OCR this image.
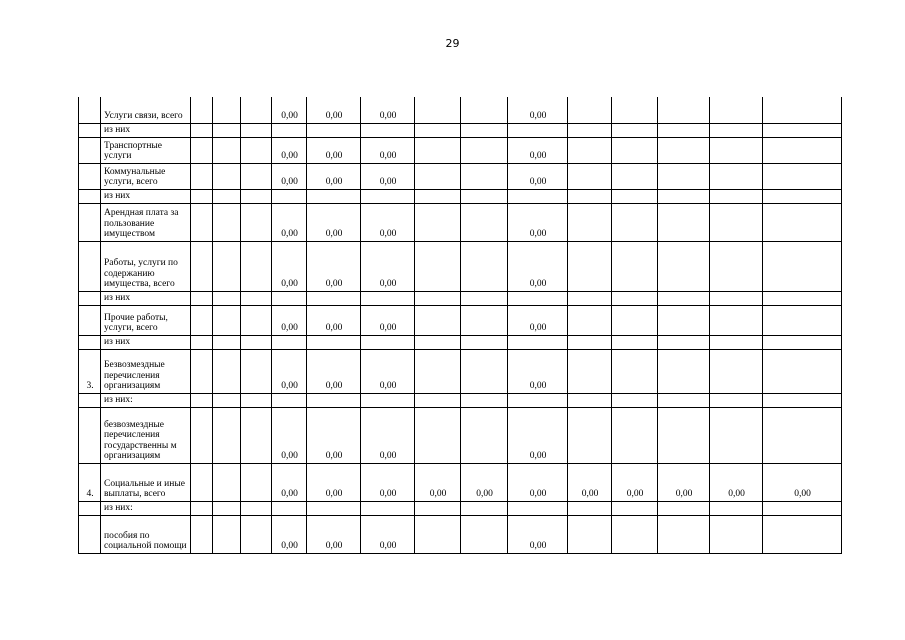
29
	Услуги связи, всего				0,00	0,00	0,00			0,00					
	из них														
	Транспортные услуги				0,00	0,00	0,00			0,00					
	Коммунальные услуги, всего				0,00	0,00	0,00			0,00					
	из них														
	Арендная плата за пользование имуществом				0,00	0,00	0,00			0,00					
	Работы, услуги по содержанию имущества, всего				0,00	0,00	0,00			0,00					
	из них														
	Прочие работы, услуги, всего				0,00	0,00	0,00			0,00					
	из них														
3.	Безвозмездные перечисления организациям				0,00	0,00	0,00			0,00					
	из них:														
	безвозмездные перечисления государственны м организациям				0,00	0,00	0,00			0,00					
4.	Социальные и иные выплаты, всего				0,00	0,00	0,00	0,00	0,00	0,00	0,00	0,00	0,00	0,00	0,00
	из них:														
	пособия по социальной помощи				0,00	0,00	0,00			0,00					
